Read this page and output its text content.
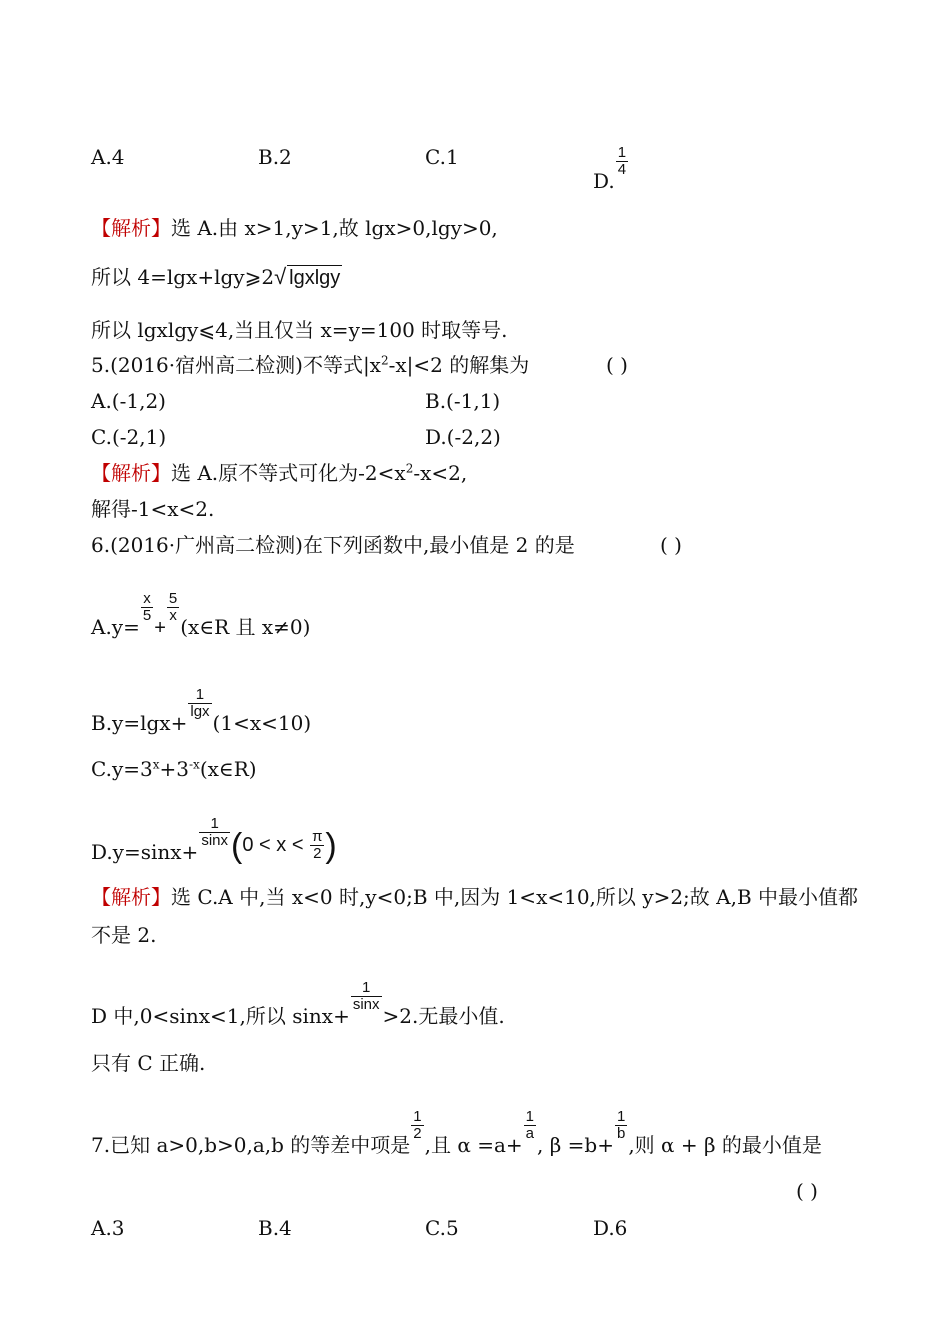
A.4	B.2	C.1
D.
$\frac{1}{4}$
【解析】选 A.由 x>1,y>1,故 lgx>0,lgy>0,
所以 4=lgx+lgy⩾2√ lgxlgy
所以 lgxlgy⩽4,当且仅当 x=y=100 时取等号.
5.(2016·宿州高二检测)不等式$|x^2-x|<2$ 的解集为	( )
A.(-1,2)	B.(-1,1)
C.(-2,1)	D.(-2,2)
【解析】选 A.原不等式可化为$-2<x^2-x<2$,
解得-1<x<2.
6.(2016·广州高二检测)在下列函数中,最小值是 2 的是	( )
A.y=
$\frac{x}{5}$
+
$\frac{5}{x}$
(x∈R 且 x≠0)
B.y=lgx+
$\frac{1}{\lg x}$
(1<x<10)
$C.y=3^x+3^{-x}(x\in R)$
D.y=sinx+
$\frac{1}{\sin x} (0 < x < \frac{\pi}{2}$ )
【解析】选 C.A 中,当 x<0 时,y<0;B 中,因为 1<x<10,所以 y>2;故 A,B 中最小值都
不是 2.
D 中,0<sinx<1,所以 sinx+
$\frac{1}{\sin x}$
>2.无最小值.
只有 C 正确.
7.已知 a>0,b>0,a,b 的等差中项是
$\frac{1}{2}$
,且 α =a+
$\frac{1}{a}$
, β =b+
$\frac{1}{b}$
,则 α + β 的最小值是
( )
A.3	B.4	C.5	D.6
